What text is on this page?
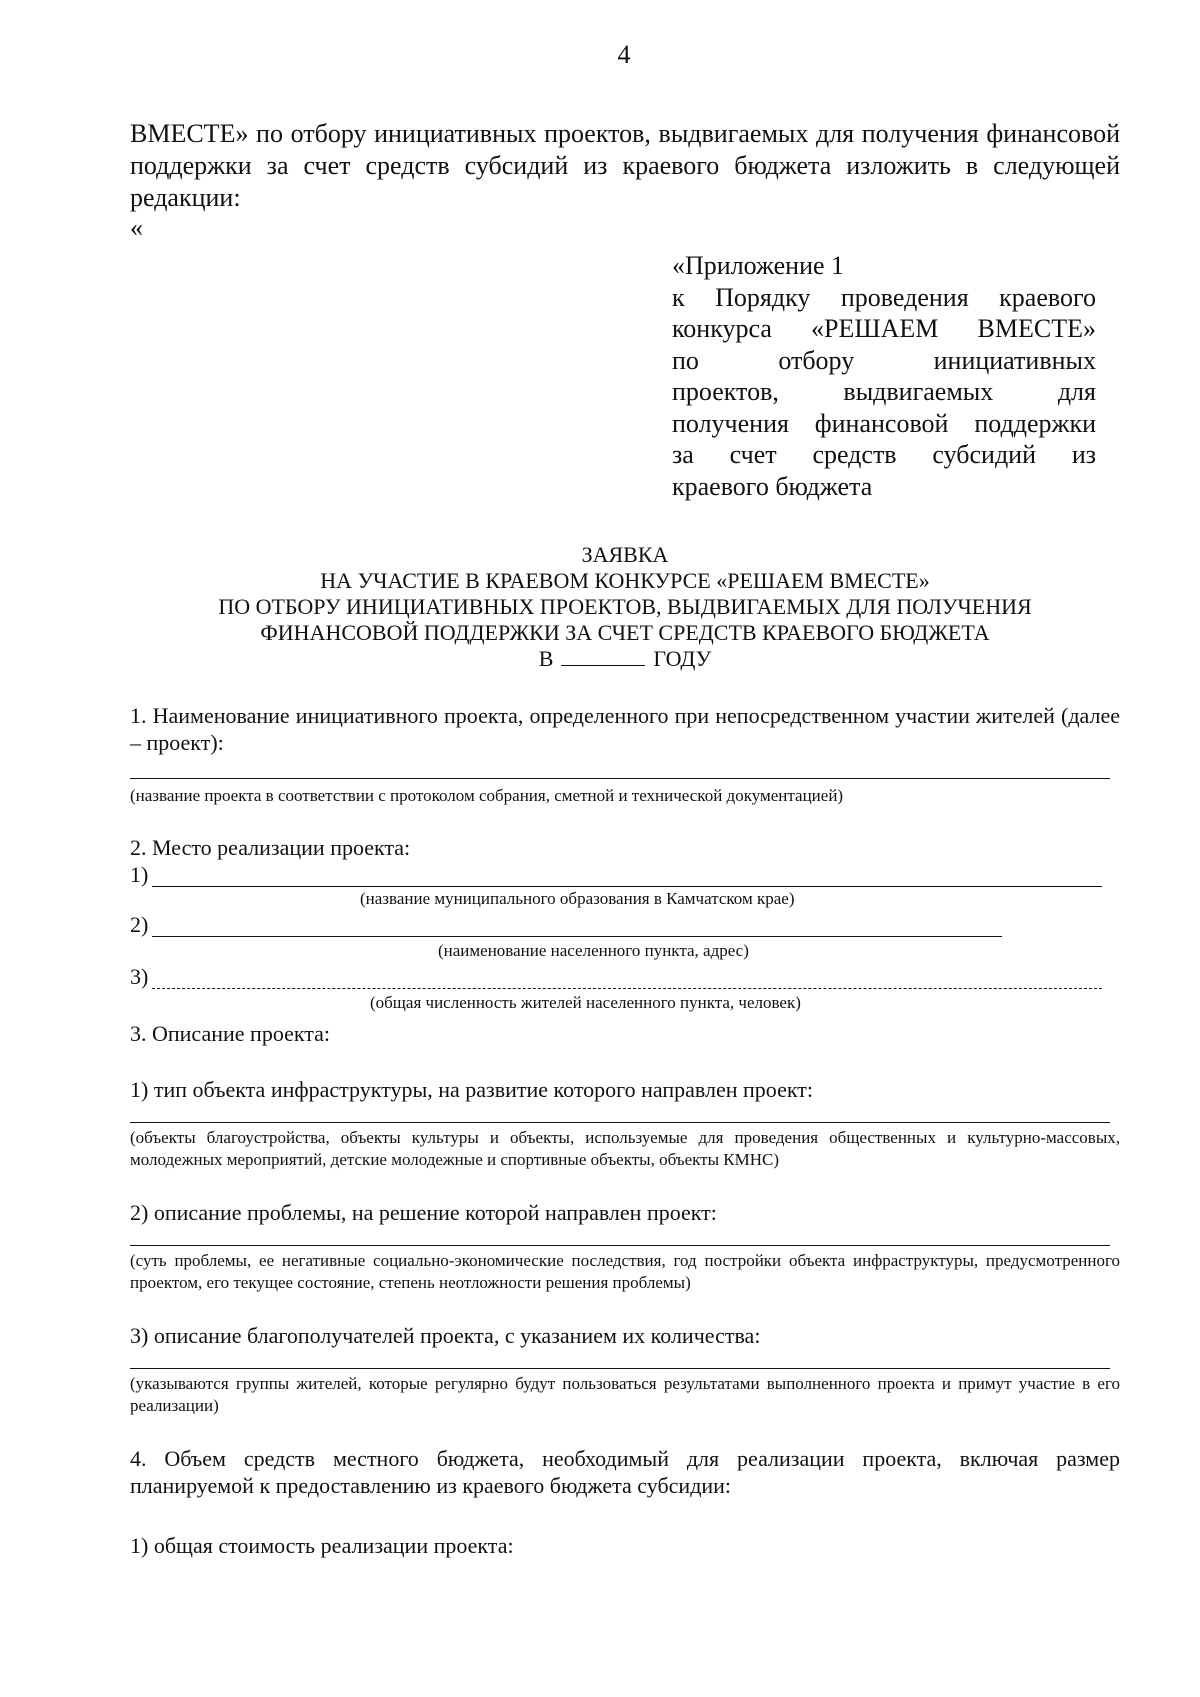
4
ВМЕСТЕ» по отбору инициативных проектов, выдвигаемых для получения финансовой поддержки за счет средств субсидий из краевого бюджета изложить в следующей редакции:
«
«Приложение 1
к Порядку проведения краевого
конкурса «РЕШАЕМ ВМЕСТЕ»
по отбору инициативных
проектов, выдвигаемых для
получения финансовой поддержки
за счет средств субсидий из
краевого бюджета
ЗАЯВКА
НА УЧАСТИЕ В КРАЕВОМ КОНКУРСЕ «РЕШАЕМ ВМЕСТЕ»
ПО ОТБОРУ ИНИЦИАТИВНЫХ ПРОЕКТОВ, ВЫДВИГАЕМЫХ ДЛЯ ПОЛУЧЕНИЯ
ФИНАНСОВОЙ ПОДДЕРЖКИ ЗА СЧЕТ СРЕДСТВ КРАЕВОГО БЮДЖЕТА
В	ГОДУ
1. Наименование инициативного проекта, определенного при непосредственном участии жителей (далее – проект):
(название проекта в соответствии с протоколом собрания, сметной и технической документацией)
2. Место реализации проекта:
1)
(название муниципального образования в Камчатском крае)
2)
(наименование населенного пункта, адрес)
3)
(общая численность жителей населенного пункта, человек)
3. Описание проекта:
1) тип объекта инфраструктуры, на развитие которого направлен проект:
(объекты благоустройства, объекты культуры и объекты, используемые для проведения общественных и культурно-массовых, молодежных мероприятий, детские молодежные и спортивные объекты, объекты КМНС)
2) описание проблемы, на решение которой направлен проект:
(суть проблемы, ее негативные социально-экономические последствия, год постройки объекта инфраструктуры, предусмотренного проектом, его текущее состояние, степень неотложности решения проблемы)
3) описание благополучателей проекта, с указанием их количества:
(указываются группы жителей, которые регулярно будут пользоваться результатами выполненного проекта и примут участие в его реализации)
4. Объем средств местного бюджета, необходимый для реализации проекта, включая размер планируемой к предоставлению из краевого бюджета субсидии:
1) общая стоимость реализации проекта:
